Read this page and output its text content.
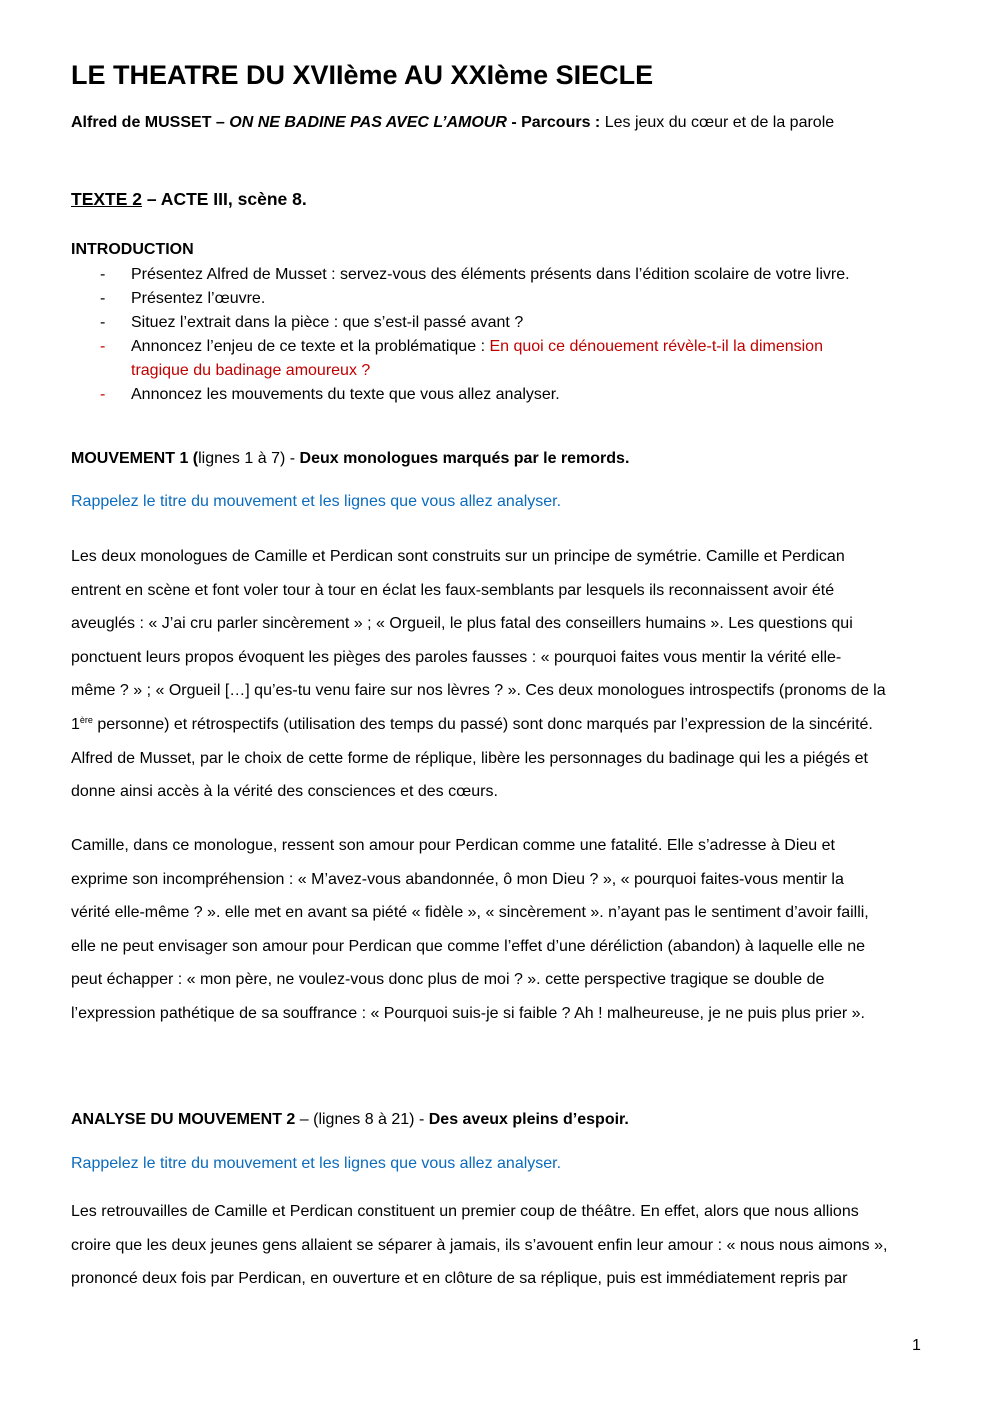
LE THEATRE DU XVIIème AU XXIème SIECLE
Alfred de MUSSET – ON NE BADINE PAS AVEC L’AMOUR - Parcours : Les jeux du cœur et de la parole
TEXTE 2 – ACTE III, scène 8.
INTRODUCTION
- Présentez Alfred de Musset : servez-vous des éléments présents dans l’édition scolaire de votre livre.
- Présentez l’œuvre.
- Situez l’extrait dans la pièce : que s’est-il passé avant ?
- Annoncez l’enjeu de ce texte et la problématique : En quoi ce dénouement révèle-t-il la dimension
tragique du badinage amoureux ?
- Annoncez les mouvements du texte que vous allez analyser.
MOUVEMENT 1 (lignes 1 à 7) - Deux monologues marqués par le remords.
Rappelez le titre du mouvement et les lignes que vous allez analyser.

Les deux monologues de Camille et Perdican sont construits sur un principe de symétrie. Camille et Perdican

entrent en scène et font voler tour à tour en éclat les faux-semblants par lesquels ils reconnaissent avoir été

aveuglés : « J’ai cru parler sincèrement » ; « Orgueil, le plus fatal des conseillers humains ». Les questions qui

ponctuent leurs propos évoquent les pièges des paroles fausses : « pourquoi faites vous mentir la vérité elle-

même ? » ; « Orgueil […] qu’es-tu venu faire sur nos lèvres ? ». Ces deux monologues introspectifs (pronoms de la

1ère personne) et rétrospectifs (utilisation des temps du passé) sont donc marqués par l’expression de la sincérité.

Alfred de Musset, par le choix de cette forme de réplique, libère les personnages du badinage qui les a piégés et

donne ainsi accès à la vérité des consciences et des cœurs.

Camille, dans ce monologue, ressent son amour pour Perdican comme une fatalité. Elle s’adresse à Dieu et

exprime son incompréhension : « M’avez-vous abandonnée, ô mon Dieu ? », « pourquoi faites-vous mentir la

vérité elle-même ? ». elle met en avant sa piété « fidèle », « sincèrement ». n’ayant pas le sentiment d’avoir failli,

elle ne peut envisager son amour pour Perdican que comme l’effet d’une déréliction (abandon) à laquelle elle ne

peut échapper : « mon père, ne voulez-vous donc plus de moi ? ». cette perspective tragique se double de

l’expression pathétique de sa souffrance : « Pourquoi suis-je si faible ? Ah ! malheureuse, je ne puis plus prier ».

ANALYSE DU MOUVEMENT 2 – (lignes 8 à 21) - Des aveux pleins d’espoir.
Rappelez le titre du mouvement et les lignes que vous allez analyser.

Les retrouvailles de Camille et Perdican constituent un premier coup de théâtre. En effet, alors que nous allions

croire que les deux jeunes gens allaient se séparer à jamais, ils s’avouent enfin leur amour : « nous nous aimons »,

prononcé deux fois par Perdican, en ouverture et en clôture de sa réplique, puis est immédiatement repris par

1
